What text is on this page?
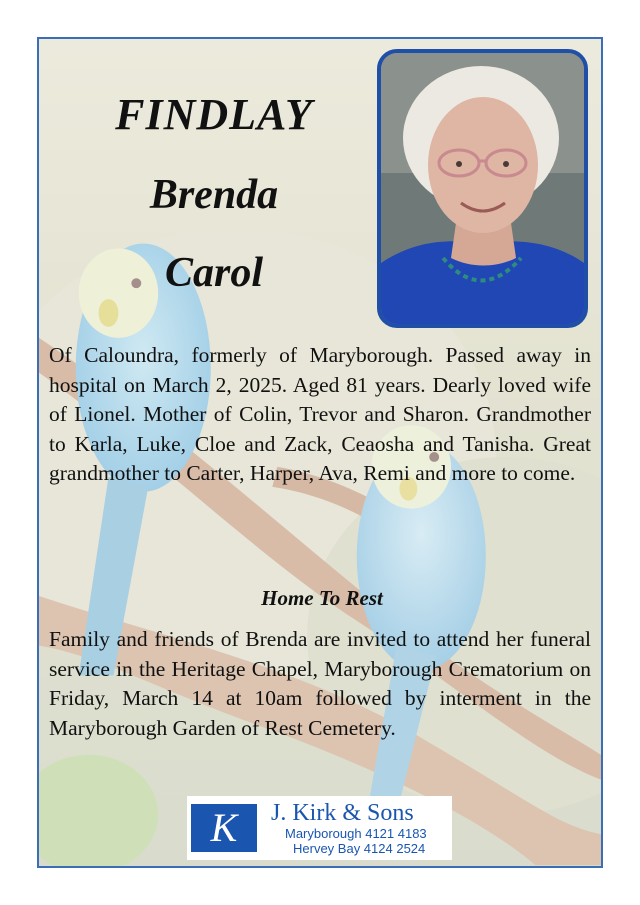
FINDLAY
Brenda
Carol
Of Caloundra, formerly of Maryborough. Passed away in hospital on March 2, 2025. Aged 81 years. Dearly loved wife of Lionel. Mother of Colin, Trevor and Sharon. Grandmother to Karla, Luke, Cloe and Zack, Ceaosha and Tanisha. Great grandmother to Carter, Harper, Ava, Remi and more to come.
Home To Rest
Family and friends of Brenda are invited to attend her funeral service in the Heritage Chapel, Maryborough Crematorium on Friday, March 14 at 10am followed by interment in the Maryborough Garden of Rest Cemetery.
K	J. Kirk & Sons
Maryborough 4121 4183
Hervey Bay 4124 2524
